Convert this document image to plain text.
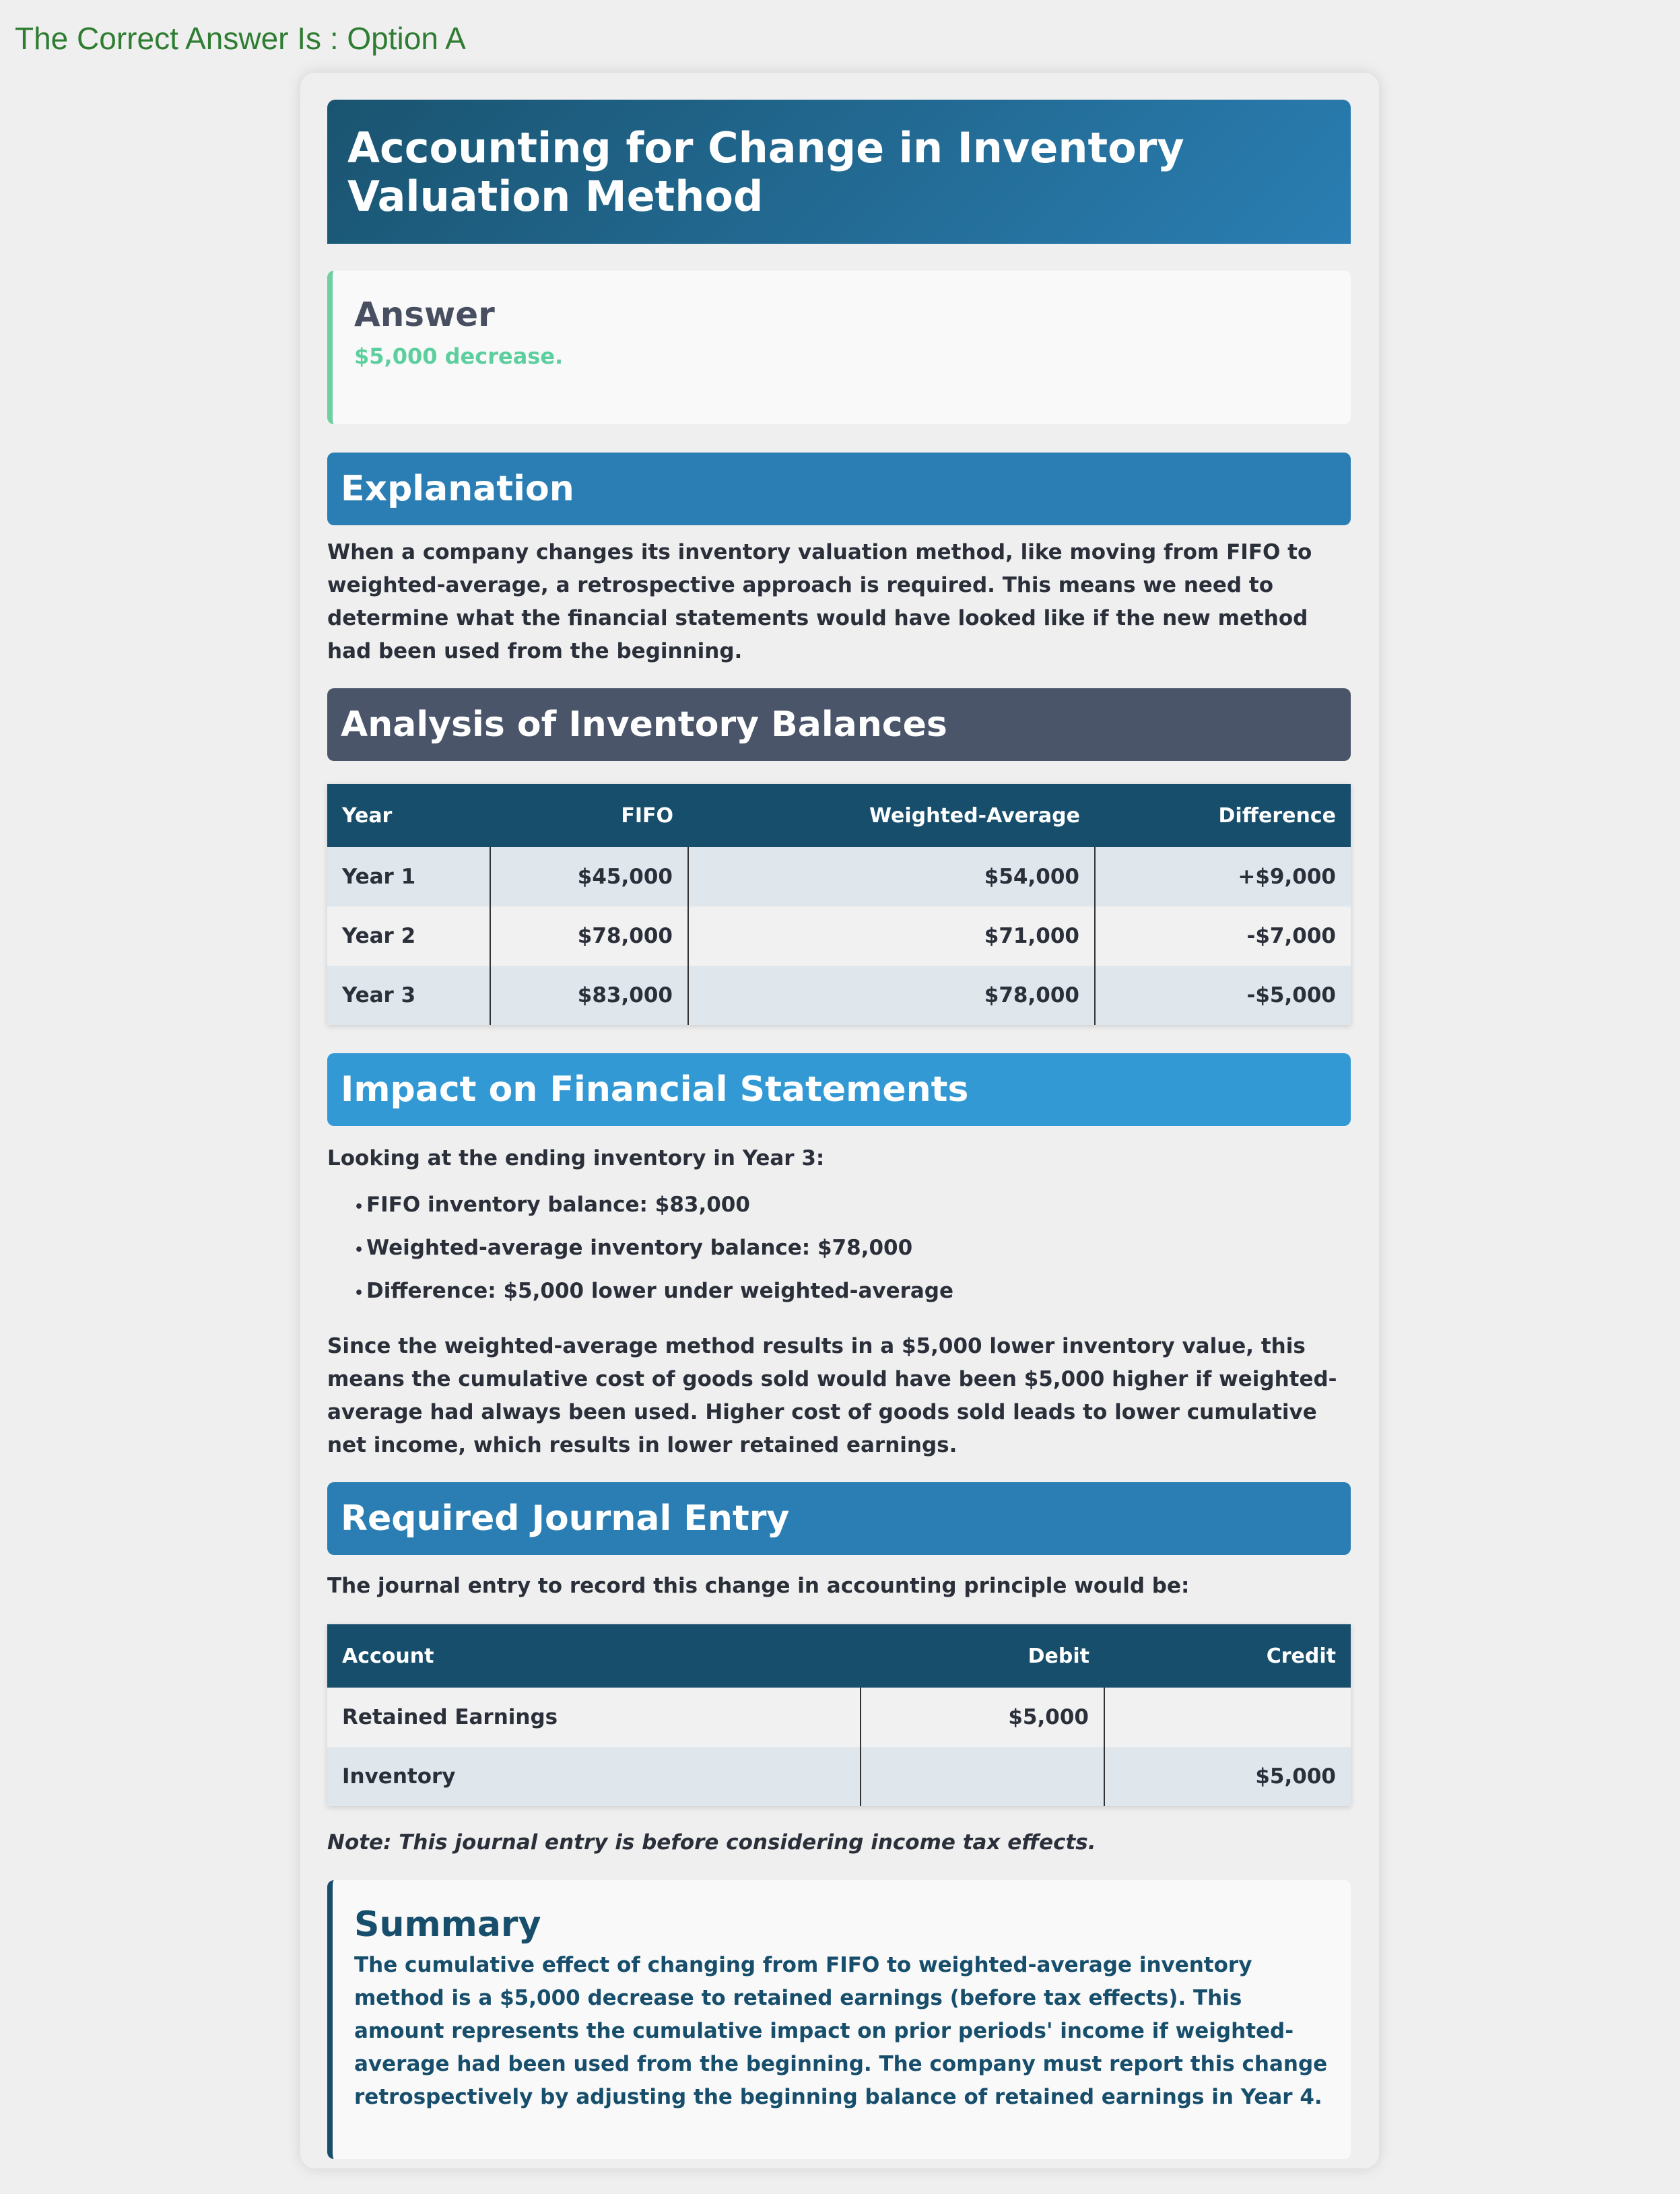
The Correct Answer Is : Option A
Accounting for Change in Inventory Valuation Method
Answer
$5,000 decrease.
Explanation

When a company changes its inventory valuation method, like moving from FIFO to weighted-average, a retrospective approach is required. This means we need to determine what the financial statements would have looked like if the new method had been used from the beginning.

Analysis of Inventory Balances
Year	FIFO	Weighted-Average	Difference
Year 1	$45,000	$54,000	+$9,000
Year 2	$78,000	$71,000	-$7,000
Year 3	$83,000	$78,000	-$5,000
Impact on Financial Statements

Looking at the ending inventory in Year 3:

• FIFO inventory balance: $83,000
• Weighted-average inventory balance: $78,000
• Difference: $5,000 lower under weighted-average

Since the weighted-average method results in a $5,000 lower inventory value, this means the cumulative cost of goods sold would have been $5,000 higher if weighted-average had always been used. Higher cost of goods sold leads to lower cumulative net income, which results in lower retained earnings.

Required Journal Entry

The journal entry to record this change in accounting principle would be:

Account	Debit	Credit
Retained Earnings	$5,000	
Inventory		$5,000
Note: This journal entry is before considering income tax effects.
Summary

The cumulative effect of changing from FIFO to weighted-average inventory method is a $5,000 decrease to retained earnings (before tax effects). This amount represents the cumulative impact on prior periods' income if weighted-average had been used from the beginning. The company must report this change retrospectively by adjusting the beginning balance of retained earnings in Year 4.
